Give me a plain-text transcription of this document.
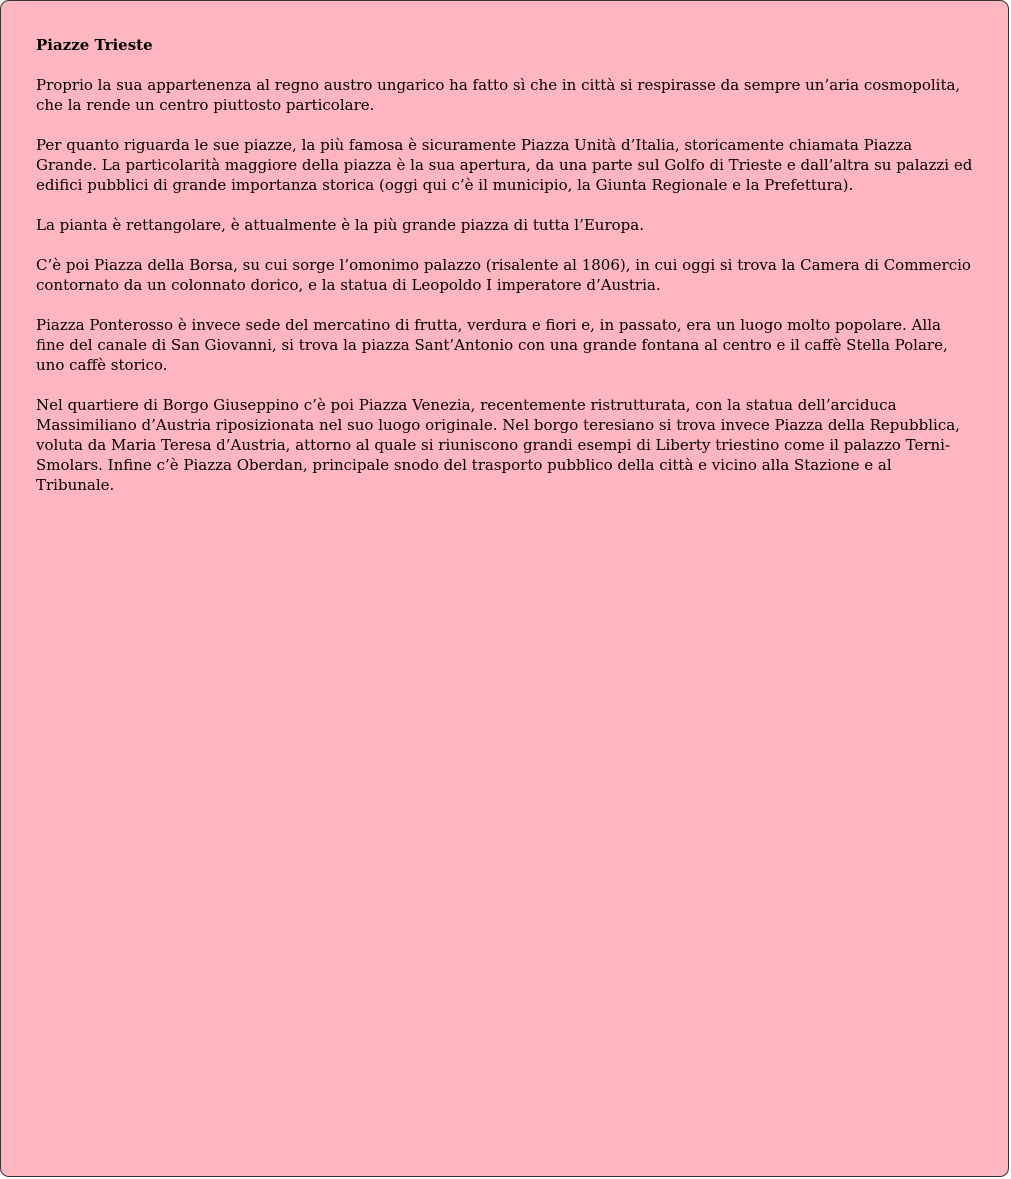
Piazze Trieste

Proprio la sua appartenenza al regno austro ungarico ha fatto sì che in città si respirasse da sempre un’aria cosmopolita, che la rende un centro piuttosto particolare.

Per quanto riguarda le sue piazze, la più famosa è sicuramente Piazza Unità d’Italia, storicamente chiamata Piazza Grande. La particolarità maggiore della piazza è la sua apertura, da una parte sul Golfo di Trieste e dall’altra su palazzi ed edifici pubblici di grande importanza storica (oggi qui c’è il municipio, la Giunta Regionale e la Prefettura).

La pianta è rettangolare, è attualmente è la più grande piazza di tutta l’Europa.

C’è poi Piazza della Borsa, su cui sorge l’omonimo palazzo (risalente al 1806), in cui oggi si trova la Camera di Commercio contornato da un colonnato dorico, e la statua di Leopoldo I imperatore d’Austria.

Piazza Ponterosso è invece sede del mercatino di frutta, verdura e fiori e, in passato, era un luogo molto popolare. Alla fine del canale di San Giovanni, si trova la piazza Sant’Antonio con una grande fontana al centro e il caffè Stella Polare, uno caffè storico.

Nel quartiere di Borgo Giuseppino c’è poi Piazza Venezia, recentemente ristrutturata, con la statua dell’arciduca Massimiliano d’Austria riposizionata nel suo luogo originale. Nel borgo teresiano si trova invece Piazza della Repubblica, voluta da Maria Teresa d’Austria, attorno al quale si riuniscono grandi esempi di Liberty triestino come il palazzo Terni-Smolars. Infine c’è Piazza Oberdan, principale snodo del trasporto pubblico della città e vicino alla Stazione e al Tribunale.
